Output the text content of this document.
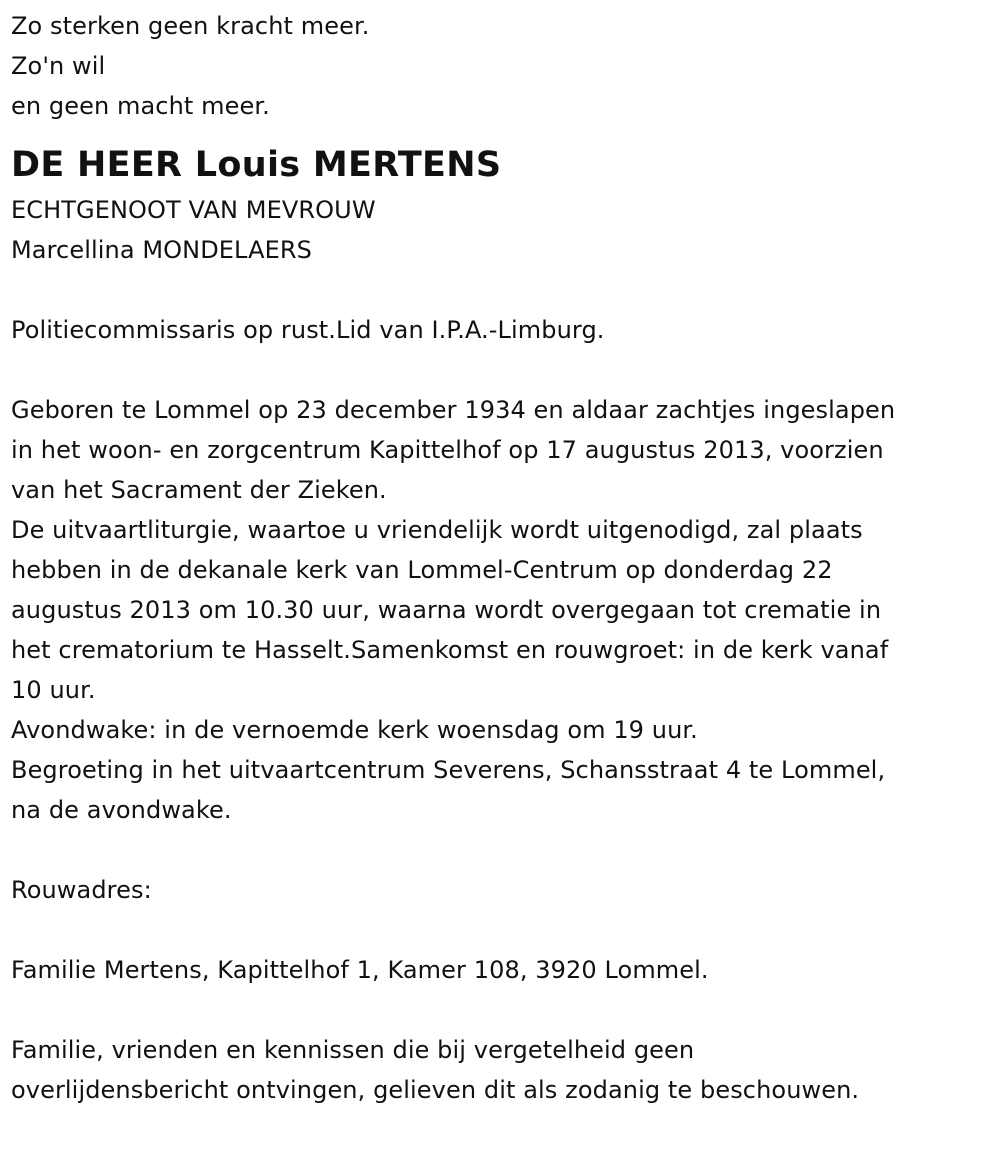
Zo sterken geen kracht meer.
Zo'n wil
en geen macht meer.
DE HEER Louis MERTENS
ECHTGENOOT VAN MEVROUW
Marcellina MONDELAERS
Politiecommissaris op rust.Lid van I.P.A.-Limburg.
Geboren te Lommel op 23 december 1934 en aldaar zachtjes ingeslapen
in het woon- en zorgcentrum Kapittelhof op 17 augustus 2013, voorzien
van het Sacrament der Zieken.
De uitvaartliturgie, waartoe u vriendelijk wordt uitgenodigd, zal plaats
hebben in de dekanale kerk van Lommel-Centrum op donderdag 22
augustus 2013 om 10.30 uur, waarna wordt overgegaan tot crematie in
het crematorium te Hasselt.Samenkomst en rouwgroet: in de kerk vanaf
10 uur.
Avondwake: in de vernoemde kerk woensdag om 19 uur.
Begroeting in het uitvaartcentrum Severens, Schansstraat 4 te Lommel,
na de avondwake.
Rouwadres:
Familie Mertens, Kapittelhof 1, Kamer 108, 3920 Lommel.
Familie, vrienden en kennissen die bij vergetelheid geen
overlijdensbericht ontvingen, gelieven dit als zodanig te beschouwen.
